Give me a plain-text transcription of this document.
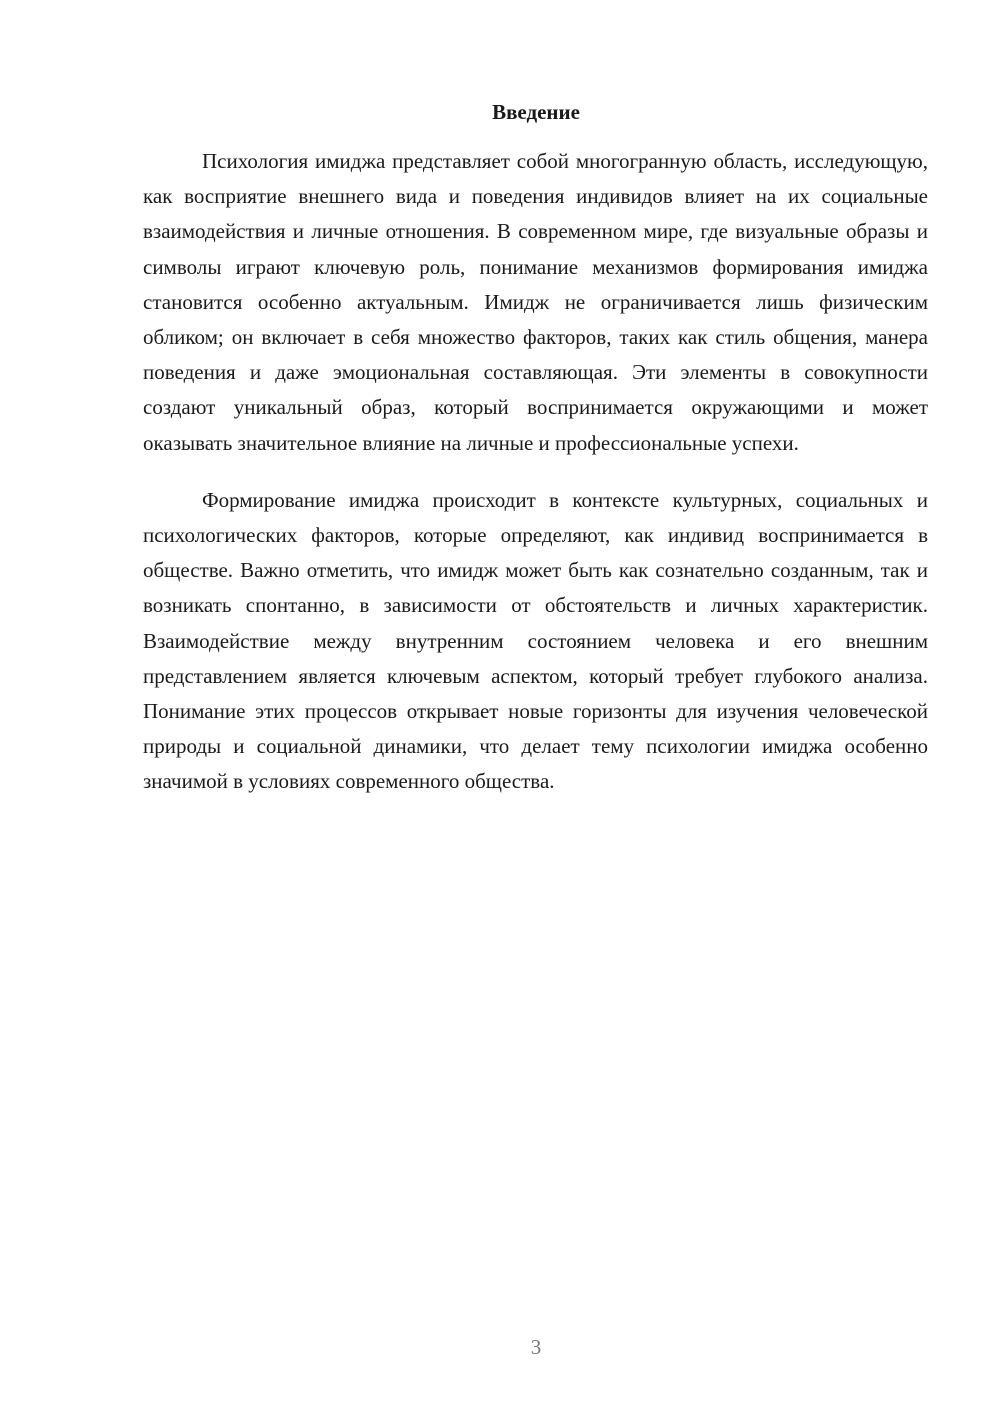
Введение

Психология имиджа представляет собой многогранную область, исследующую, как восприятие внешнего вида и поведения индивидов влияет на их социальные взаимодействия и личные отношения. В современном мире, где визуальные образы и символы играют ключевую роль, понимание механизмов формирования имиджа становится особенно актуальным. Имидж не ограничивается лишь физическим обликом; он включает в себя множество факторов, таких как стиль общения, манера поведения и даже эмоциональная составляющая. Эти элементы в совокупности создают уникальный образ, который воспринимается окружающими и может оказывать значительное влияние на личные и профессиональные успехи.

Формирование имиджа происходит в контексте культурных, социальных и психологических факторов, которые определяют, как индивид воспринимается в обществе. Важно отметить, что имидж может быть как сознательно созданным, так и возникать спонтанно, в зависимости от обстоятельств и личных характеристик. Взаимодействие между внутренним состоянием человека и его внешним представлением является ключевым аспектом, который требует глубокого анализа. Понимание этих процессов открывает новые горизонты для изучения человеческой природы и социальной динамики, что делает тему психологии имиджа особенно значимой в условиях современного общества.

3
